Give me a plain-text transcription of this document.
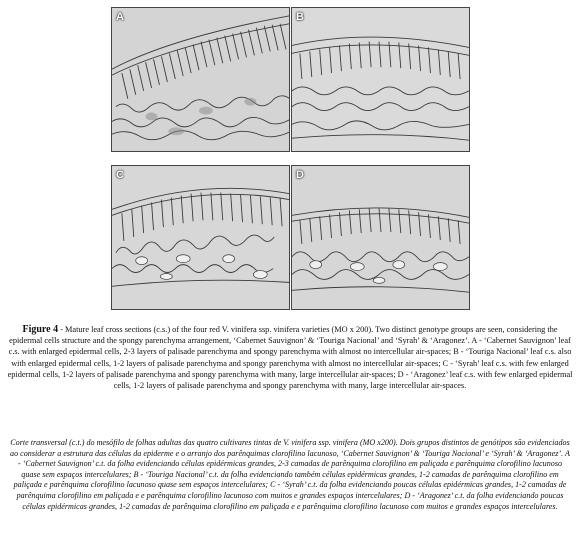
A	B
C	D

Figure 4 - Mature leaf cross sections (c.s.) of the four red V. vinifera ssp. vinifera varieties (MO x 200). Two distinct genotype groups are seen, considering the epidermal cells structure and the spongy parenchyma arrangement, ‘Cabernet Sauvignon’ & ‘Touriga Nacional’ and ‘Syrah’ & ‘Aragonez’. A - ‘Cabernet Sauvignon’ leaf c.s. with enlarged epidermal cells, 2-3 layers of palisade parenchyma and spongy parenchyma with almost no intercellular air-spaces; B - ‘Touriga Nacional’ leaf c.s. also with enlarged epidermal cells, 1-2 layers of palisade parenchyma and spongy parenchyma with almost no intercellular air-spaces; C - ‘Syrah’ leaf c.s. with few enlarged epidermal cells, 1-2 layers of palisade parenchyma and spongy parenchyma with many, large intercellular air-spaces; D - ‘Aragonez’ leaf c.s. with few enlarged epidermal cells, 1-2 layers of palisade parenchyma and spongy parenchyma with many, large intercellular air-spaces.

Corte transversal (c.t.) do mesófilo de folhas adultas das quatro cultivares tintas de V. vinifera ssp. vinifera (MO x200). Dois grupos distintos de genótipos são evidenciados ao considerar a estrutura das células da epiderme e o arranjo dos parênquimas clorofilino lacunoso, ‘Cabernet Sauvignon’ & ‘Touriga Nacional’ e ‘Syrah’ & ‘Aragonez’. A - ‘Cabernet Sauvignon’ c.t. da folha evidenciando células epidérmicas grandes, 2-3 camadas de parênquima clorofilino em paliçada e parênquima clorofilino lacunoso quase sem espaços intercelulares; B - ‘Touriga Nacional’ c.t. da folha evidenciando também células epidérmicas grandes, 1-2 camadas de parênquima clorofilino em paliçada e parênquima clorofilino lacunoso quase sem espaços intercelulares; C - ‘Syrah’ c.t. da folha evidenciando poucas células epidérmicas grandes, 1-2 camadas de parênquima clorofilino em paliçada e e parênquima clorofilino lacunoso com muitos e grandes espaços intercelulares; D - ‘Aragonez’ c.t. da folha evidenciando poucas células epidérmicas grandes, 1-2 camadas de parênquima clorofilino em paliçada e e parênquima clorofilino lacunoso com muitos e grandes espaços intercelulares.
